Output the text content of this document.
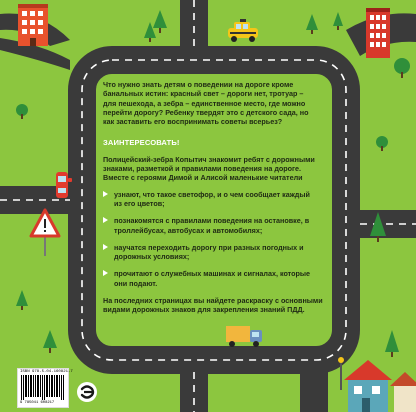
Что нужно знать детям о поведении на дороге кроме банальных истин: красный свет – дороги нет, тротуар – для пешехода, а зебра – единственное место, где можно перейти дорогу? Ребенку твердят это с детского сада, но как заставить его воспринимать советы всерьез?

ЗАИНТЕРЕСОВАТЬ!

Полицейский-зебра Копытич знакомит ребят с дорожными знаками, разметкой и правилами поведения на дороге. Вместе с героями Димой и Алисой маленькие читатели

узнают, что такое светофор, и о чем сообщает каждый из его цветов;
познакомятся с правилами поведения на остановке, в троллейбусах, автобусах и автомобилях;
научатся переходить дорогу при разных погодных и дорожных условиях;
прочитают о служебных машинах и сигналах, которые они подают.

На последних страницах вы найдете раскраску с основными видами дорожных знаков для закрепления знаний ПДД.

ISBN 978-5-04-160821-7
9 785041 608217
